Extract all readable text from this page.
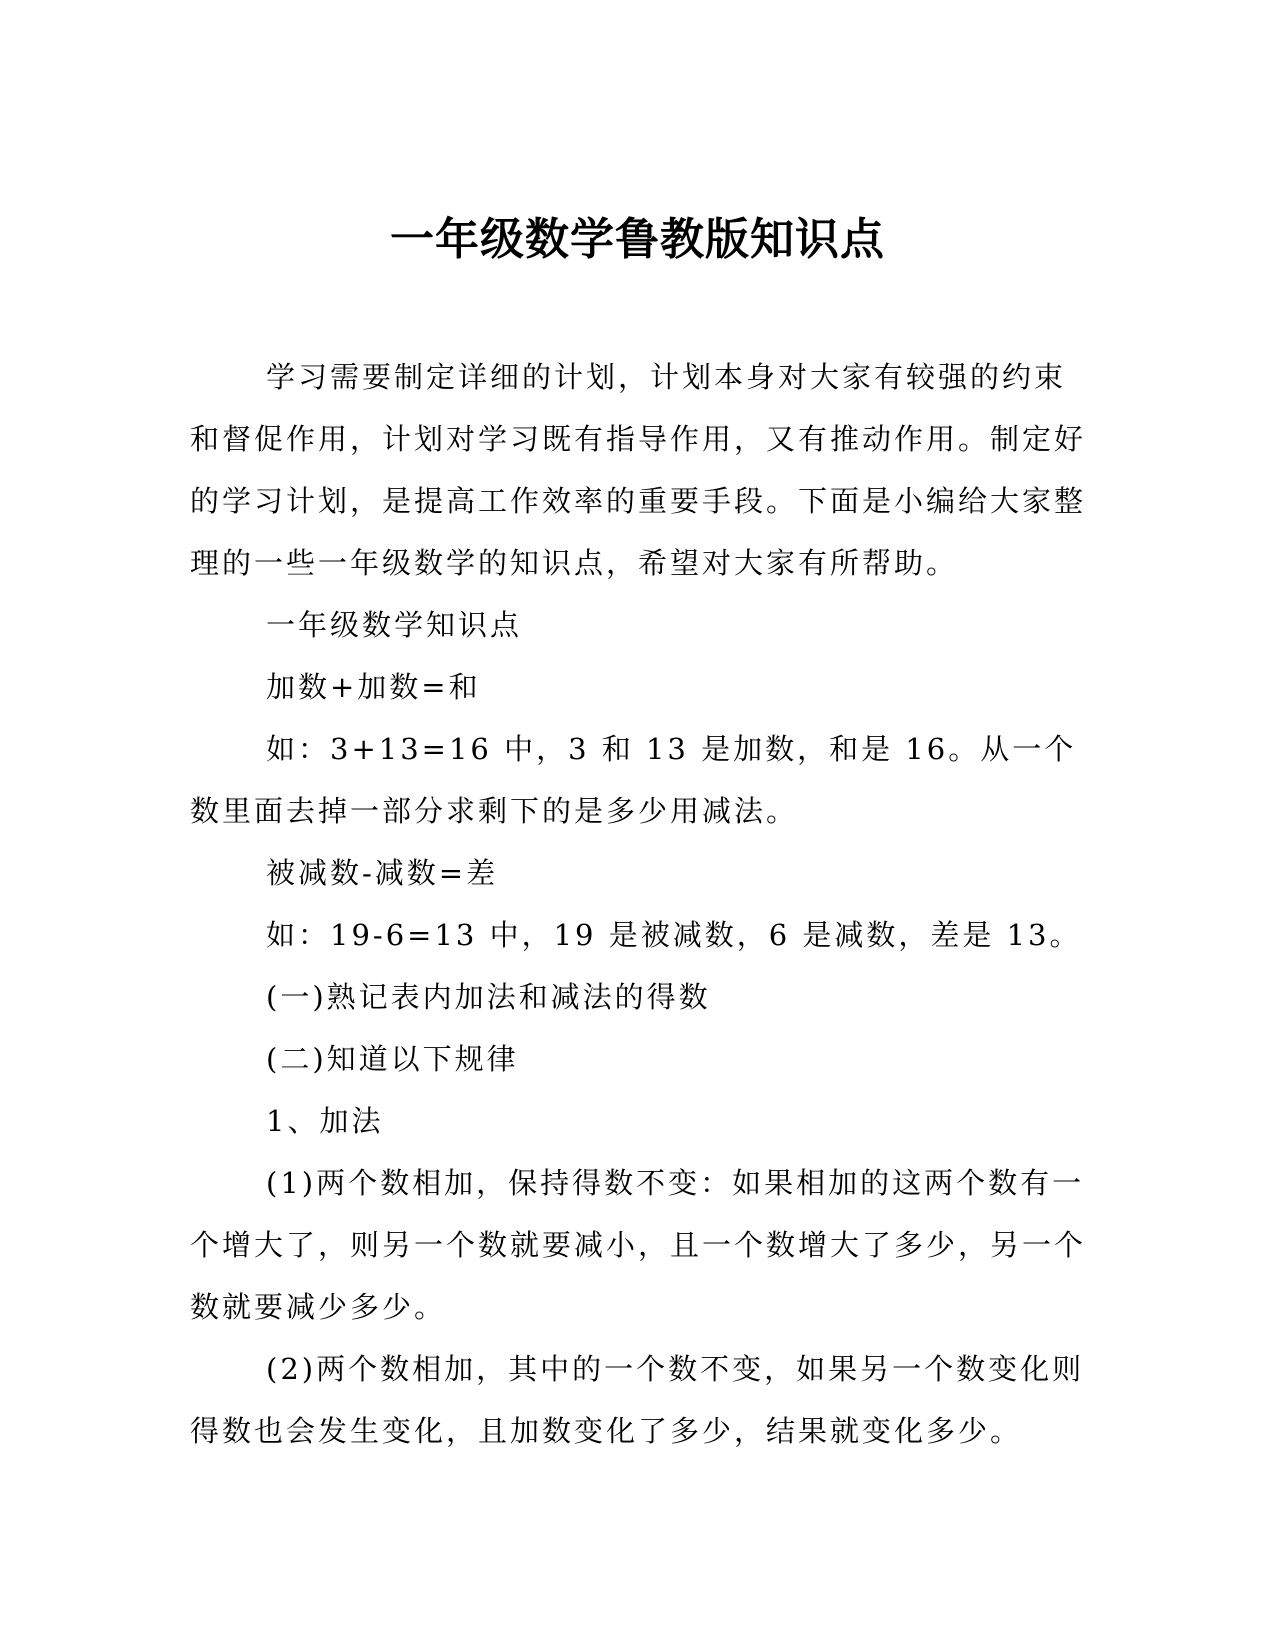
一年级数学鲁教版知识点

学习需要制定详细的计划，计划本身对大家有较强的约束和督促作用，计划对学习既有指导作用，又有推动作用。制定好的学习计划，是提高工作效率的重要手段。下面是小编给大家整理的一些一年级数学的知识点，希望对大家有所帮助。

一年级数学知识点

加数+加数=和

如：3+13=16 中，3 和 13 是加数，和是 16。从一个数里面去掉一部分求剩下的是多少用减法。

被减数-减数=差

如：19-6=13 中，19 是被减数，6 是减数，差是 13。

(一)熟记表内加法和减法的得数

(二)知道以下规律

1、加法

(1)两个数相加，保持得数不变：如果相加的这两个数有一个增大了，则另一个数就要减小，且一个数增大了多少，另一个数就要减少多少。

(2)两个数相加，其中的一个数不变，如果另一个数变化则得数也会发生变化，且加数变化了多少，结果就变化多少。
